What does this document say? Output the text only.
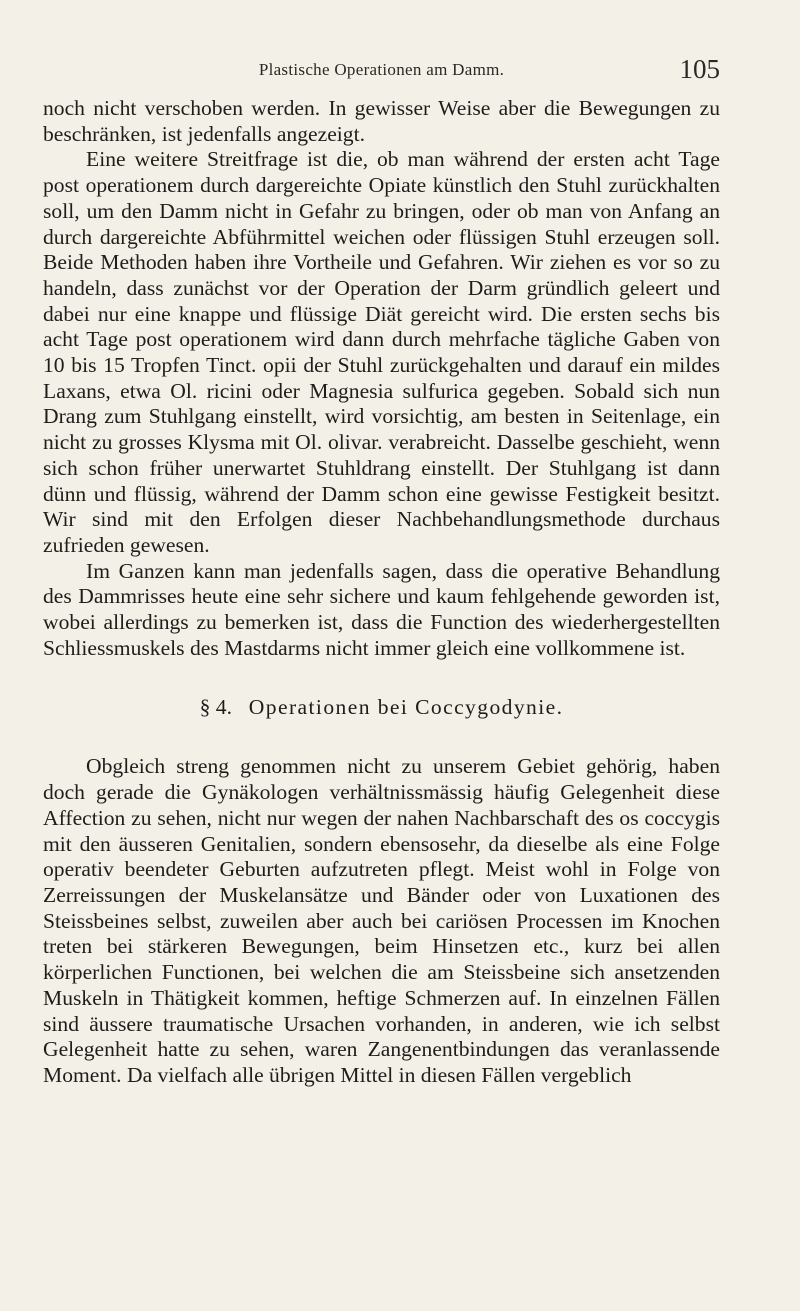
Plastische Operationen am Damm.	105

noch nicht verschoben werden. In gewisser Weise aber die Bewegungen zu beschränken, ist jedenfalls angezeigt.

Eine weitere Streitfrage ist die, ob man während der ersten acht Tage post operationem durch dargereichte Opiate künstlich den Stuhl zurückhalten soll, um den Damm nicht in Gefahr zu bringen, oder ob man von Anfang an durch dargereichte Abführmittel weichen oder flüssigen Stuhl erzeugen soll. Beide Methoden haben ihre Vortheile und Gefahren. Wir ziehen es vor so zu handeln, dass zunächst vor der Operation der Darm gründlich geleert und dabei nur eine knappe und flüssige Diät gereicht wird. Die ersten sechs bis acht Tage post operationem wird dann durch mehrfache tägliche Gaben von 10 bis 15 Tropfen Tinct. opii der Stuhl zurückgehalten und darauf ein mildes Laxans, etwa Ol. ricini oder Magnesia sulfurica gegeben. Sobald sich nun Drang zum Stuhlgang einstellt, wird vorsichtig, am besten in Seitenlage, ein nicht zu grosses Klysma mit Ol. olivar. verabreicht. Dasselbe geschieht, wenn sich schon früher unerwartet Stuhldrang einstellt. Der Stuhlgang ist dann dünn und flüssig, während der Damm schon eine gewisse Festigkeit besitzt. Wir sind mit den Erfolgen dieser Nachbehandlungsmethode durchaus zufrieden gewesen.

Im Ganzen kann man jedenfalls sagen, dass die operative Behandlung des Dammrisses heute eine sehr sichere und kaum fehlgehende geworden ist, wobei allerdings zu bemerken ist, dass die Function des wiederhergestellten Schliessmuskels des Mastdarms nicht immer gleich eine vollkommene ist.

§ 4. Operationen bei Coccygodynie.

Obgleich streng genommen nicht zu unserem Gebiet gehörig, haben doch gerade die Gynäkologen verhältnissmässig häufig Gelegenheit diese Affection zu sehen, nicht nur wegen der nahen Nachbarschaft des os coccygis mit den äusseren Genitalien, sondern ebensosehr, da dieselbe als eine Folge operativ beendeter Geburten aufzutreten pflegt. Meist wohl in Folge von Zerreissungen der Muskelansätze und Bänder oder von Luxationen des Steissbeines selbst, zuweilen aber auch bei cariösen Processen im Knochen treten bei stärkeren Bewegungen, beim Hinsetzen etc., kurz bei allen körperlichen Functionen, bei welchen die am Steissbeine sich ansetzenden Muskeln in Thätigkeit kommen, heftige Schmerzen auf. In einzelnen Fällen sind äussere traumatische Ursachen vorhanden, in anderen, wie ich selbst Gelegenheit hatte zu sehen, waren Zangenentbindungen das veranlassende Moment. Da vielfach alle übrigen Mittel in diesen Fällen vergeblich
